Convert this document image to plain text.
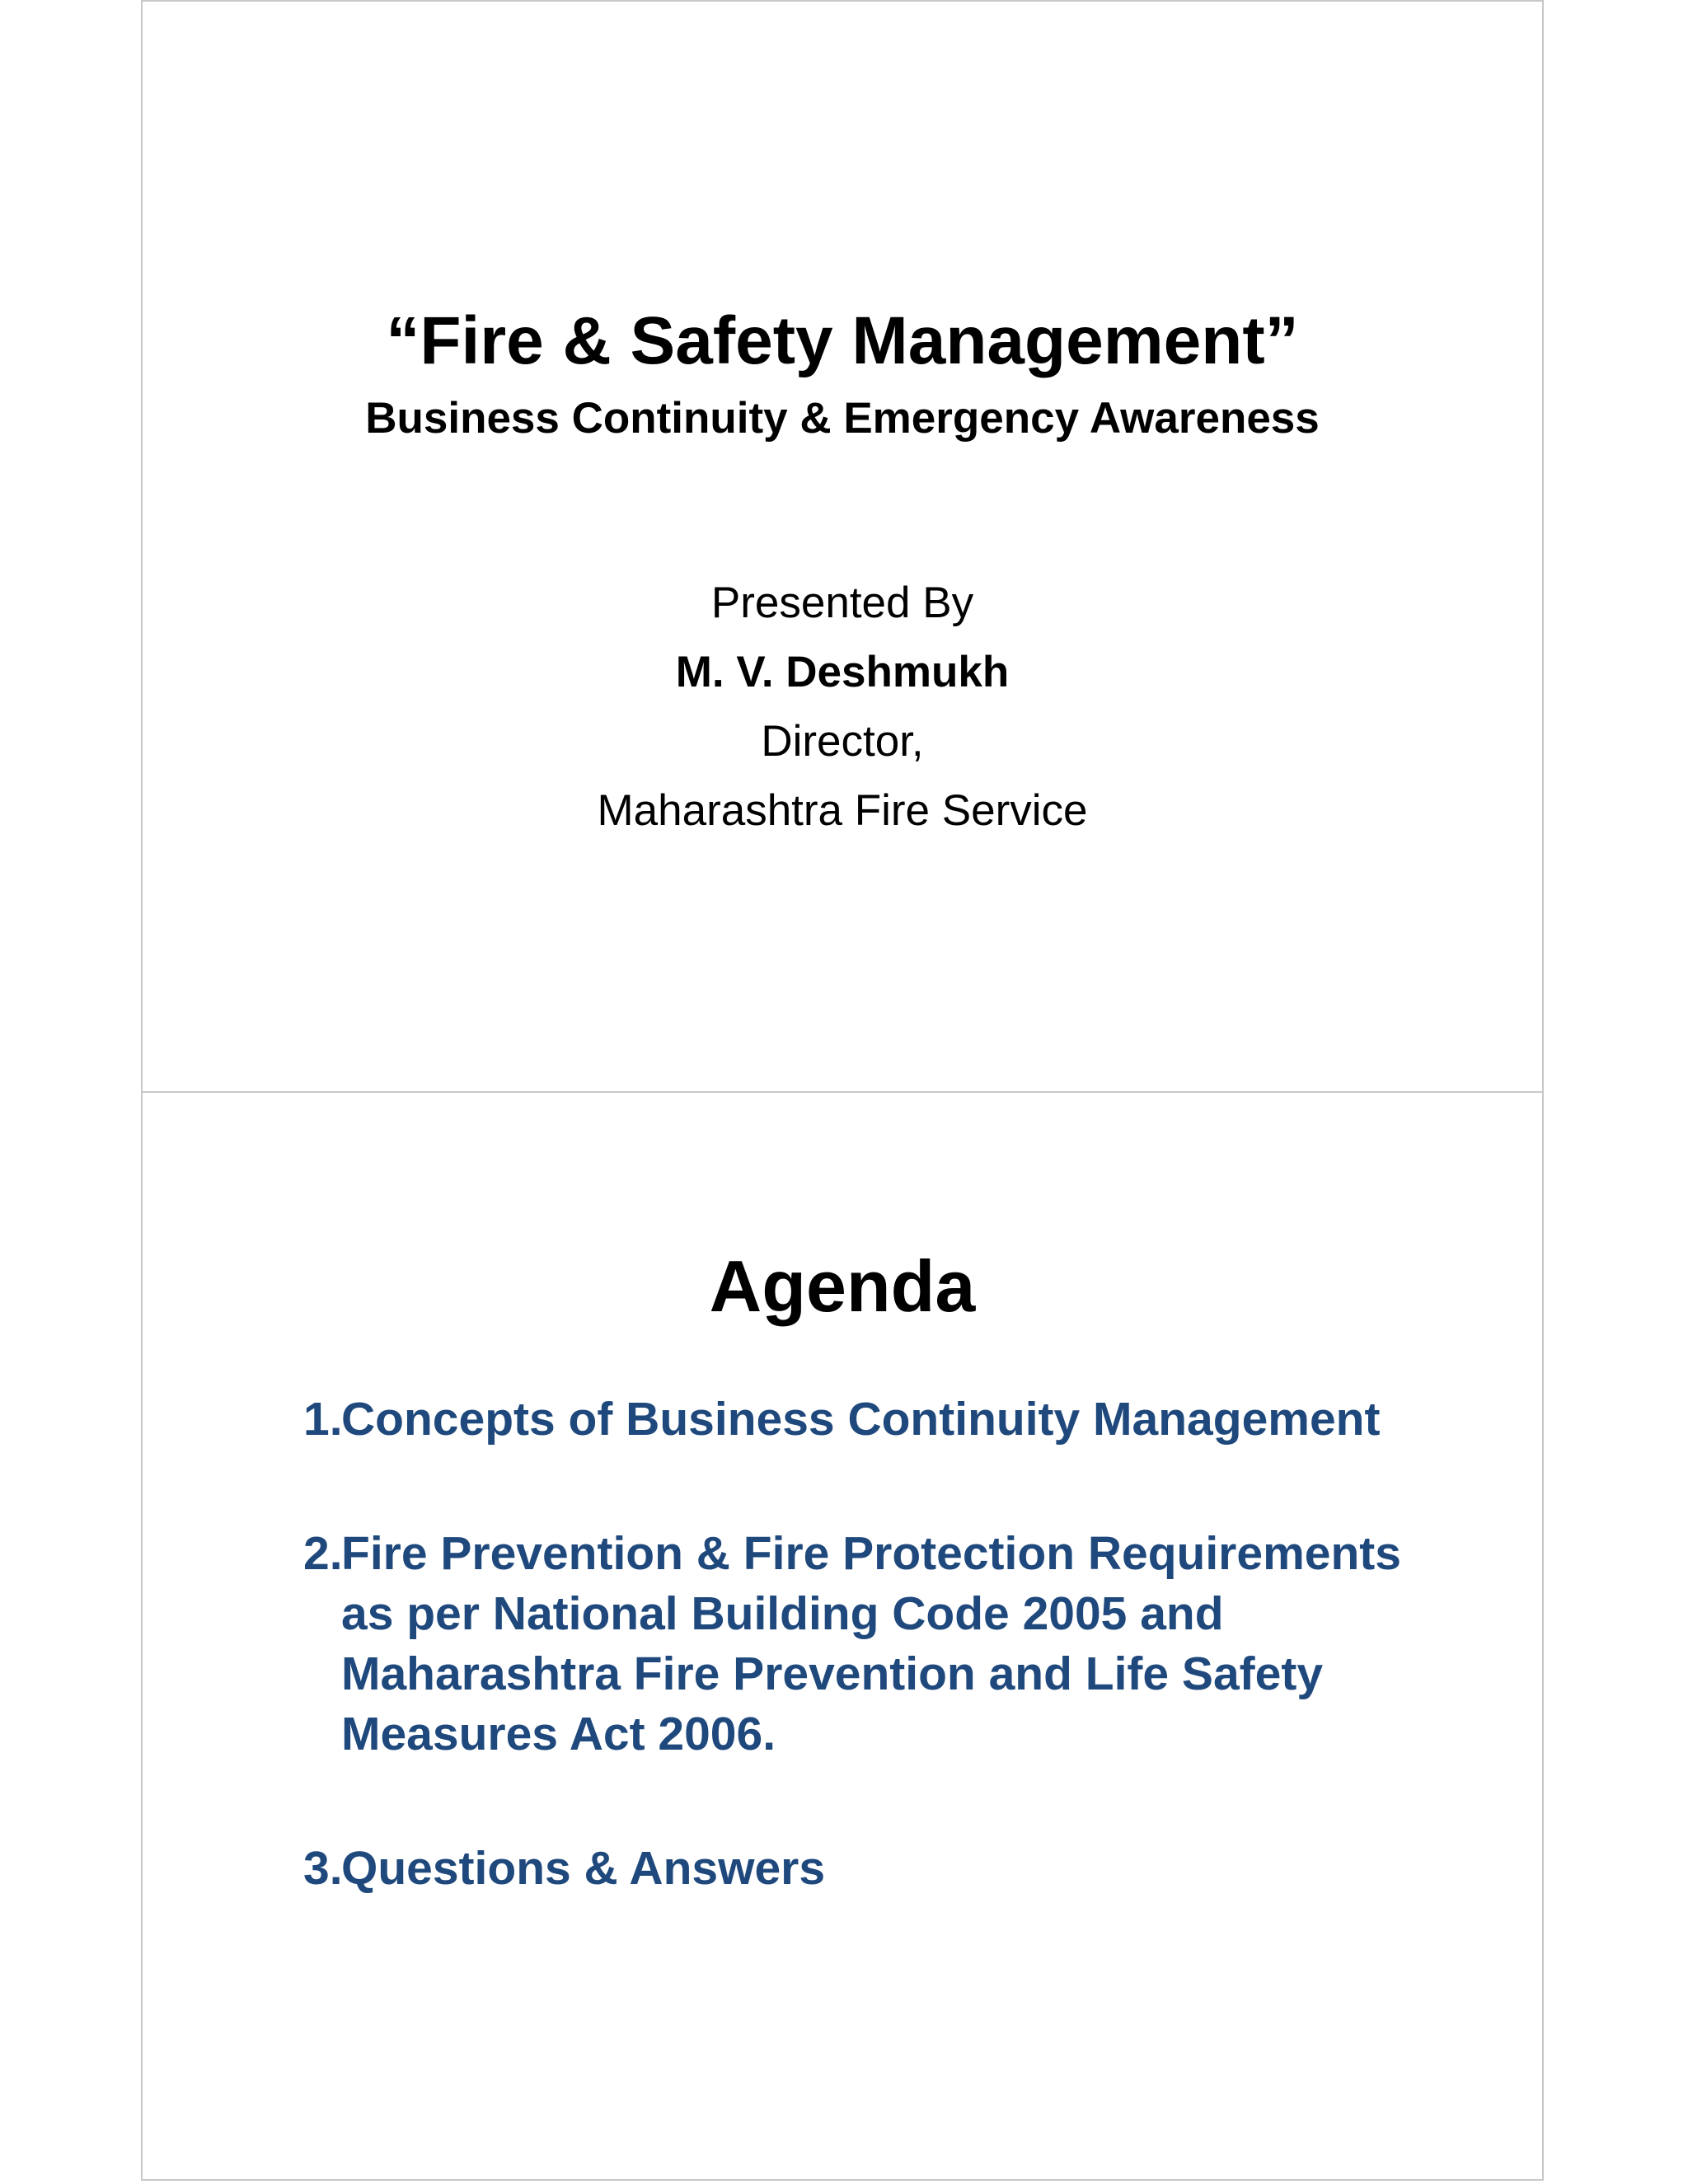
“Fire & Safety Management”
Business Continuity & Emergency Awareness
Presented By
M. V. Deshmukh
Director,
Maharashtra Fire Service
Agenda
1.
Concepts of Business Continuity Management
2.
Fire Prevention & Fire Protection Requirements as per National Building Code 2005 and Maharashtra Fire Prevention and Life Safety Measures Act 2006.
3.
Questions & Answers
